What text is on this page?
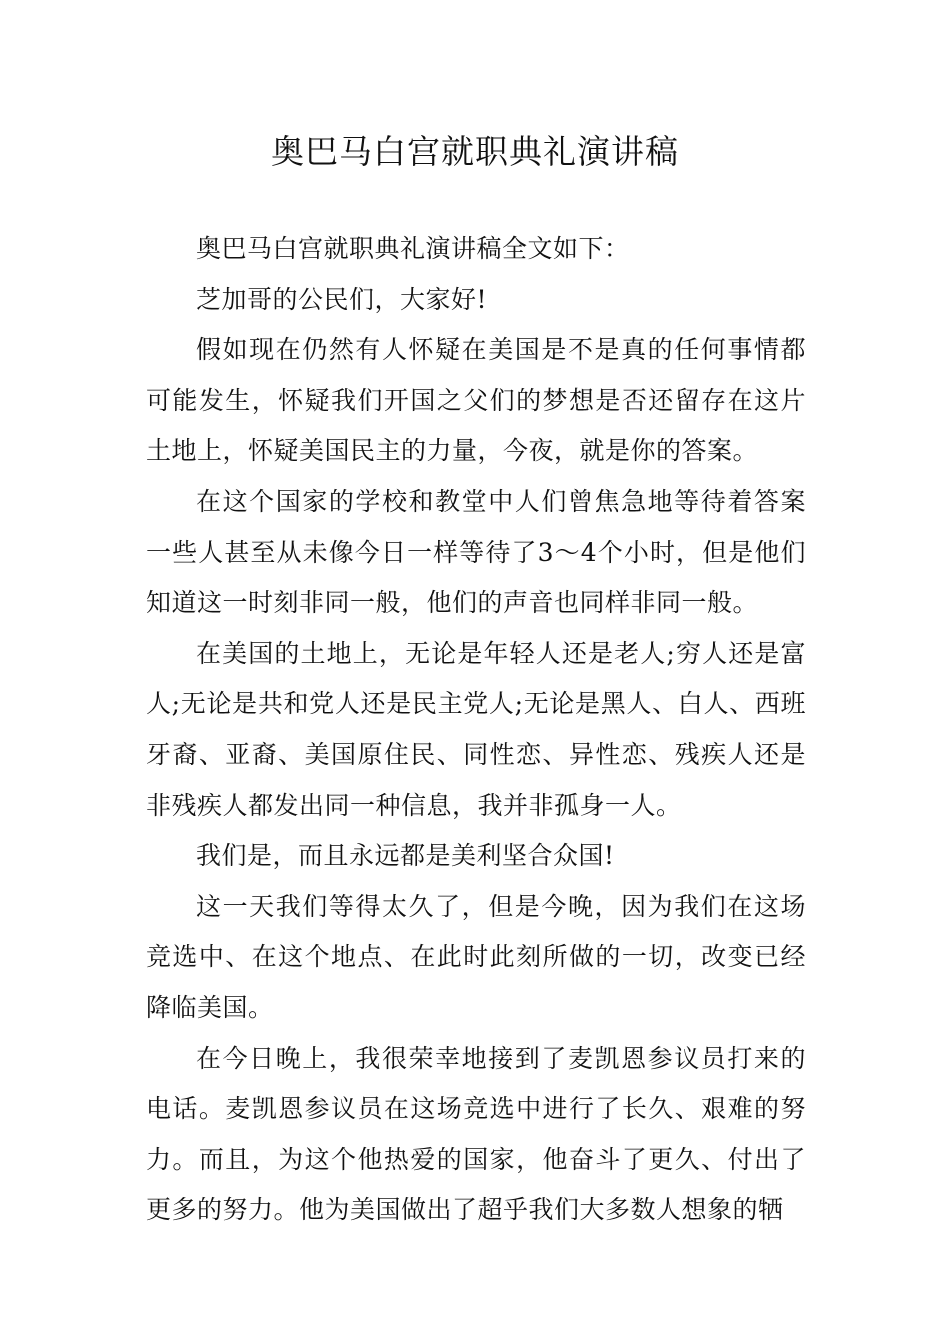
奥巴马白宫就职典礼演讲稿

奥巴马白宫就职典礼演讲稿全文如下：

芝加哥的公民们，大家好!

假如现在仍然有人怀疑在美国是不是真的任何事情都可能发生，怀疑我们开国之父们的梦想是否还留存在这片土地上，怀疑美国民主的力量，今夜，就是你的答案。

在这个国家的学校和教堂中人们曾焦急地等待着答案一些人甚至从未像今日一样等待了3～4个小时，但是他们知道这一时刻非同一般，他们的声音也同样非同一般。

在美国的土地上，无论是年轻人还是老人;穷人还是富人;无论是共和党人还是民主党人;无论是黑人、白人、西班牙裔、亚裔、美国原住民、同性恋、异性恋、残疾人还是非残疾人都发出同一种信息，我并非孤身一人。

我们是，而且永远都是美利坚合众国!

这一天我们等得太久了，但是今晚，因为我们在这场竞选中、在这个地点、在此时此刻所做的一切，改变已经降临美国。

在今日晚上，我很荣幸地接到了麦凯恩参议员打来的电话。麦凯恩参议员在这场竞选中进行了长久、艰难的努力。而且，为这个他热爱的国家，他奋斗了更久、付出了更多的努力。他为美国做出了超乎我们大多数人想象的牺
